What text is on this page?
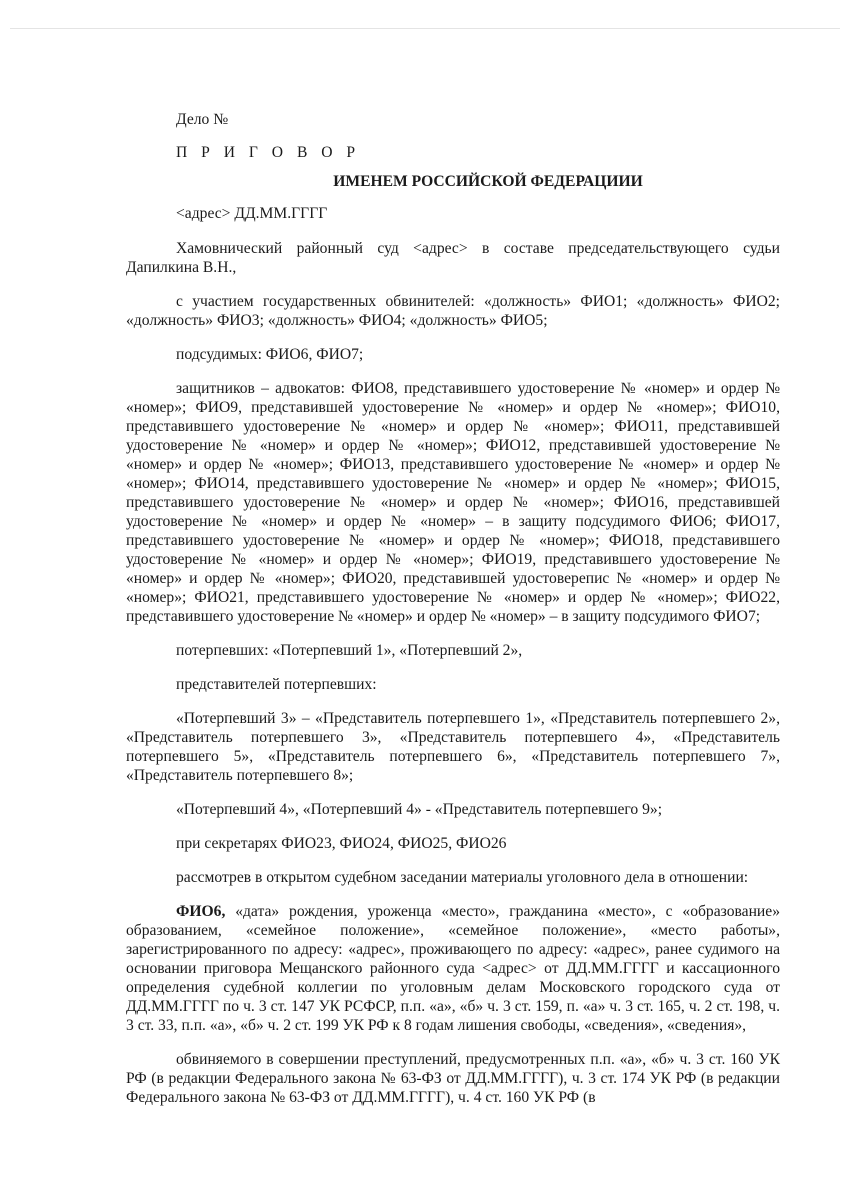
Дело №

П Р И Г О В О Р

ИМЕНЕМ РОССИЙСКОЙ ФЕДЕРАЦИИИ

<адрес> ДД.ММ.ГГГГ

Хамовнический районный суд <адрес> в составе председательствующего судьи Дапилкина В.Н.,

с участием государственных обвинителей: «должность» ФИО1; «должность» ФИО2; «должность» ФИО3; «должность» ФИО4; «должность» ФИО5;

подсудимых: ФИО6, ФИО7;

защитников – адвокатов: ФИО8, представившего удостоверение № «номер» и ордер № «номер»; ФИО9, представившей удостоверение № «номер» и ордер № «номер»; ФИО10, представившего удостоверение № «номер» и ордер № «номер»; ФИО11, представившей удостоверение № «номер» и ордер № «номер»; ФИО12, представившей удостоверение № «номер» и ордер № «номер»; ФИО13, представившего удостоверение № «номер» и ордер № «номер»; ФИО14, представившего удостоверение № «номер» и ордер № «номер»; ФИО15, представившего удостоверение № «номер» и ордер № «номер»; ФИО16, представившей удостоверение № «номер» и ордер № «номер» – в защиту подсудимого ФИО6; ФИО17, представившего удостоверение № «номер» и ордер № «номер»; ФИО18, представившего удостоверение № «номер» и ордер № «номер»; ФИО19, представившего удостоверение № «номер» и ордер № «номер»; ФИО20, представившей удостоверепис № «номер» и ордер № «номер»; ФИО21, представившего удостоверение № «номер» и ордер № «номер»; ФИО22, представившего удостоверение № «номер» и ордер № «номер» – в защиту подсудимого ФИО7;

потерпевших: «Потерпевший 1», «Потерпевший 2»,

представителей потерпевших:

«Потерпевший 3» – «Представитель потерпевшего 1», «Представитель потерпевшего 2», «Представитель потерпевшего 3», «Представитель потерпевшего 4», «Представитель потерпевшего 5», «Представитель потерпевшего 6», «Представитель потерпевшего 7», «Представитель потерпевшего 8»;

«Потерпевший 4», «Потерпевший 4» - «Представитель потерпевшего 9»;

при секретарях ФИО23, ФИО24, ФИО25, ФИО26

рассмотрев в открытом судебном заседании материалы уголовного дела в отношении:

ФИО6, «дата» рождения, уроженца «место», гражданина «место», с «образование» образованием, «семейное положение», «семейное положение», «место работы», зарегистрированного по адресу: «адрес», проживающего по адресу: «адрес», ранее судимого на основании приговора Мещанского районного суда <адрес> от ДД.ММ.ГГГГ и кассационного определения судебной коллегии по уголовным делам Московского городского суда от ДД.ММ.ГГГГ по ч. 3 ст. 147 УК РСФСР, п.п. «а», «б» ч. 3 ст. 159, п. «а» ч. 3 ст. 165, ч. 2 ст. 198, ч. 3 ст. 33, п.п. «а», «б» ч. 2 ст. 199 УК РФ к 8 годам лишения свободы, «сведения», «сведения»,

обвиняемого в совершении преступлений, предусмотренных п.п. «а», «б» ч. 3 ст. 160 УК РФ (в редакции Федерального закона № 63-ФЗ от ДД.ММ.ГГГГ), ч. 3 ст. 174 УК РФ (в редакции Федерального закона № 63-ФЗ от ДД.ММ.ГГГГ), ч. 4 ст. 160 УК РФ (в
